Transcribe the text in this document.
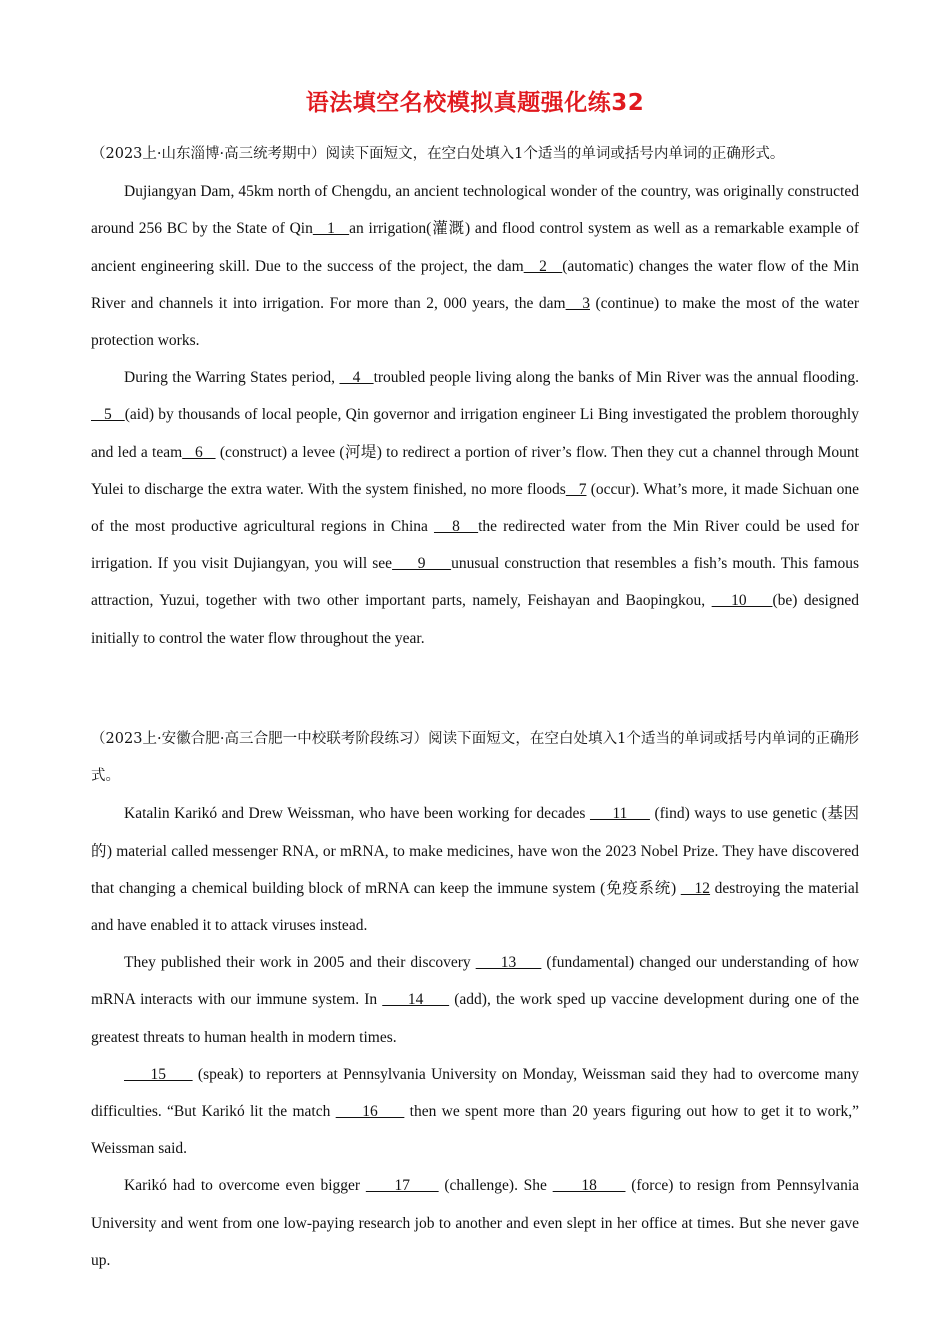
语法填空名校模拟真题强化练32

（2023上·山东淄博·高三统考期中）阅读下面短文，在空白处填入1个适当的单词或括号内单词的正确形式。

Dujiangyan Dam, 45km north of Chengdu, an ancient technological wonder of the country, was originally constructed around 256 BC by the State of Qin   1   an irrigation(灌溉) and flood control system as well as a remarkable example of ancient engineering skill. Due to the success of the project, the dam   2   (automatic) changes the water flow of the Min River and channels it into irrigation. For more than 2, 000 years, the dam   3 (continue) to make the most of the water protection works.

During the Warring States period,    4   troubled people living along the banks of Min River was the annual flooding.    5   (aid) by thousands of local people, Qin governor and irrigation engineer Li Bing investigated the problem thoroughly and led a team   6    (construct) a levee (河堤) to redirect a portion of river’s flow. Then they cut a channel through Mount Yulei to discharge the extra water. With the system finished, no more floods   7 (occur). What’s more, it made Sichuan one of the most productive agricultural regions in China    8   the redirected water from the Min River could be used for irrigation. If you visit Dujiangyan, you will see     9     unusual construction that resembles a fish’s mouth. This famous attraction, Yuzui, together with two other important parts, namely, Feishayan and Baopingkou,    10    (be) designed initially to control the water flow throughout the year.

（2023上·安徽合肥·高三合肥一中校联考阶段练习）阅读下面短文，在空白处填入1个适当的单词或括号内单词的正确形式。

Katalin Karikó and Drew Weissman, who have been working for decades      11      (find) ways to use genetic (基因的) material called messenger RNA, or mRNA, to make medicines, have won the 2023 Nobel Prize. They have discovered that changing a chemical building block of mRNA can keep the immune system (免疫系统)    12 destroying the material and have enabled it to attack viruses instead.

They published their work in 2005 and their discovery      13      (fundamental) changed our understanding of how mRNA interacts with our immune system. In      14      (add), the work sped up vaccine development during one of the greatest threats to human health in modern times.

15      (speak) to reporters at Pennsylvania University on Monday, Weissman said they had to overcome many difficulties. “But Karikó lit the match      16      then we spent more than 20 years figuring out how to get it to work,” Weissman said.

Karikó had to overcome even bigger      17      (challenge). She      18      (force) to resign from Pennsylvania University and went from one low-paying research job to another and even slept in her office at times. But she never gave up.
